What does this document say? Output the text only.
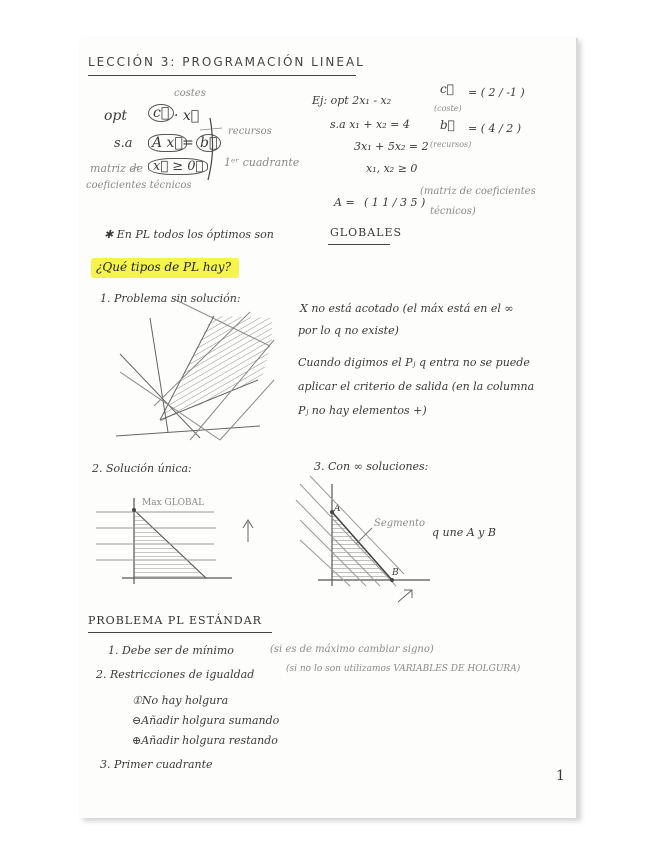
LECCIÓN 3: PROGRAMACIÓN LINEAL
opt	c⃗ · x⃗
costes
s.a A x⃗ = b⃗
recursos
matriz de
coeficientes técnicos
x⃗ ≥ 0⃗	1ᵉʳ cuadrante
Ej: opt 2x₁ - x₂
s.a x₁ + x₂ = 4
3x₁ + 5x₂ = 2
x₁, x₂ ≥ 0
c⃗
(coste)
= ( 2 / -1 )
b⃗
(recursos)
= ( 4 / 2 )
A = ( 1 1 / 3 5 )
(matriz de coeficientes
técnicos)
✱ En PL todos los óptimos son	GLOBALES
¿Qué tipos de PL hay?
1. Problema sin solución:
X no está acotado (el máx está en el ∞
por lo q no existe)
Cuando digimos el Pⱼ q entra no se puede
aplicar el criterio de salida (en la columna
Pⱼ no hay elementos +)
2. Solución única:
Max GLOBAL
3. Con ∞ soluciones:
Segmento
q une A y B
A
B
PROBLEMA PL ESTÁNDAR
1. Debe ser de mínimo	(si es de máximo cambiar signo)
2. Restricciones de igualdad	(si no lo son utilizamos VARIABLES DE HOLGURA)
①No hay holgura
⊖Añadir holgura sumando
⊕Añadir holgura restando
3. Primer cuadrante
1
